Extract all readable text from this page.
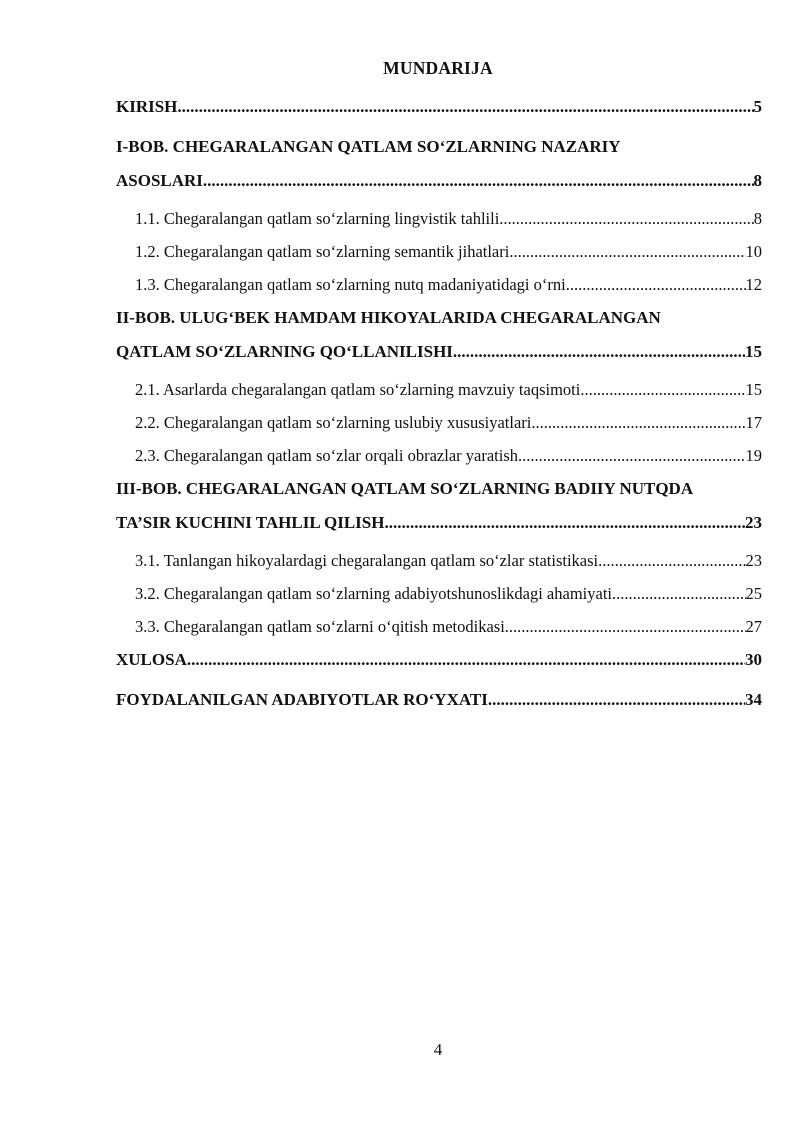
MUNDARIJA
KIRISH .....	5
I-BOB. CHEGARALANGAN QATLAM SO‘ZLARNING NAZARIY
ASOSLARI .....	8
1.1. Chegaralangan qatlam so‘zlarning lingvistik tahlili .....	8
1.2. Chegaralangan qatlam so‘zlarning semantik jihatlari .....	10
1.3. Chegaralangan qatlam so‘zlarning nutq madaniyatidagi o‘rni .....	12
II-BOB. ULUG‘BEK HAMDAM HIKOYALARIDA CHEGARALANGAN
QATLAM SO‘ZLARNING QO‘LLANILISHI .....	15
2.1. Asarlarda chegaralangan qatlam so‘zlarning mavzuiy taqsimoti .....	15
2.2. Chegaralangan qatlam so‘zlarning uslubiy xususiyatlari .....	17
2.3. Chegaralangan qatlam so‘zlar orqali obrazlar yaratish .....	19
III-BOB. CHEGARALANGAN QATLAM SO‘ZLARNING BADIIY NUTQDA
TA’SIR KUCHINI TAHLIL QILISH .....	23
3.1. Tanlangan hikoyalardagi chegaralangan qatlam so‘zlar statistikasi .....	23
3.2. Chegaralangan qatlam so‘zlarning adabiyotshunoslikdagi ahamiyati .....	25
3.3. Chegaralangan qatlam so‘zlarni o‘qitish metodikasi .....	27
XULOSA .....	30
FOYDALANILGAN ADABIYOTLAR RO‘YXATI .....	34
4
